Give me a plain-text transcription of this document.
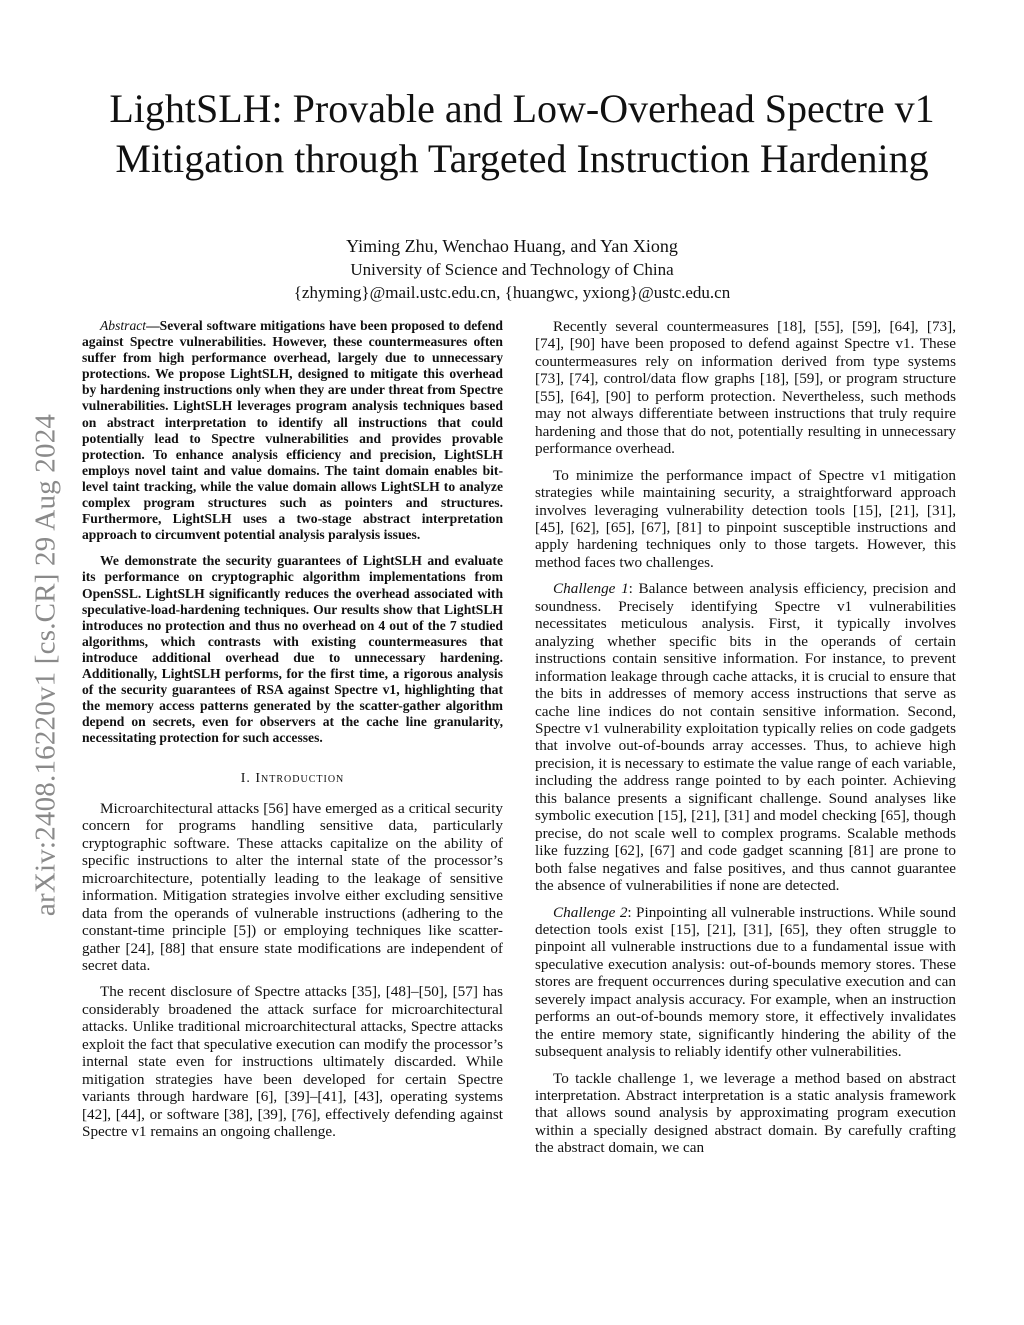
arXiv:2408.16220v1 [cs.CR] 29 Aug 2024
LightSLH: Provable and Low-Overhead Spectre v1 Mitigation through Targeted Instruction Hardening
Yiming Zhu, Wenchao Huang, and Yan Xiong
University of Science and Technology of China
{zhyming}@mail.ustc.edu.cn, {huangwc, yxiong}@ustc.edu.cn

Abstract—Several software mitigations have been proposed to defend against Spectre vulnerabilities. However, these countermeasures often suffer from high performance overhead, largely due to unnecessary protections. We propose LightSLH, designed to mitigate this overhead by hardening instructions only when they are under threat from Spectre vulnerabilities. LightSLH leverages program analysis techniques based on abstract interpretation to identify all instructions that could potentially lead to Spectre vulnerabilities and provides provable protection. To enhance analysis efficiency and precision, LightSLH employs novel taint and value domains. The taint domain enables bit-level taint tracking, while the value domain allows LightSLH to analyze complex program structures such as pointers and structures. Furthermore, LightSLH uses a two-stage abstract interpretation approach to circumvent potential analysis paralysis issues.

We demonstrate the security guarantees of LightSLH and evaluate its performance on cryptographic algorithm implementations from OpenSSL. LightSLH significantly reduces the overhead associated with speculative-load-hardening techniques. Our results show that LightSLH introduces no protection and thus no overhead on 4 out of the 7 studied algorithms, which contrasts with existing countermeasures that introduce additional overhead due to unnecessary hardening. Additionally, LightSLH performs, for the first time, a rigorous analysis of the security guarantees of RSA against Spectre v1, highlighting that the memory access patterns generated by the scatter-gather algorithm depend on secrets, even for observers at the cache line granularity, necessitating protection for such accesses.

I. Introduction

Microarchitectural attacks [56] have emerged as a critical security concern for programs handling sensitive data, particularly cryptographic software. These attacks capitalize on the ability of specific instructions to alter the internal state of the processor’s microarchitecture, potentially leading to the leakage of sensitive information. Mitigation strategies involve either excluding sensitive data from the operands of vulnerable instructions (adhering to the constant-time principle [5]) or employing techniques like scatter-gather [24], [88] that ensure state modifications are independent of secret data.

The recent disclosure of Spectre attacks [35], [48]–[50], [57] has considerably broadened the attack surface for microarchitectural attacks. Unlike traditional microarchitectural attacks, Spectre attacks exploit the fact that speculative execution can modify the processor’s internal state even for instructions ultimately discarded. While mitigation strategies have been developed for certain Spectre variants through hardware [6], [39]–[41], [43], operating systems [42], [44], or software [38], [39], [76], effectively defending against Spectre v1 remains an ongoing challenge.

Recently several countermeasures [18], [55], [59], [64], [73], [74], [90] have been proposed to defend against Spectre v1. These countermeasures rely on information derived from type systems [73], [74], control/data flow graphs [18], [59], or program structure [55], [64], [90] to perform protection. Nevertheless, such methods may not always differentiate between instructions that truly require hardening and those that do not, potentially resulting in unnecessary performance overhead.

To minimize the performance impact of Spectre v1 mitigation strategies while maintaining security, a straightforward approach involves leveraging vulnerability detection tools [15], [21], [31], [45], [62], [65], [67], [81] to pinpoint susceptible instructions and apply hardening techniques only to those targets. However, this method faces two challenges.

Challenge 1: Balance between analysis efficiency, precision and soundness. Precisely identifying Spectre v1 vulnerabilities necessitates meticulous analysis. First, it typically involves analyzing whether specific bits in the operands of certain instructions contain sensitive information. For instance, to prevent information leakage through cache attacks, it is crucial to ensure that the bits in addresses of memory access instructions that serve as cache line indices do not contain sensitive information. Second, Spectre v1 vulnerability exploitation typically relies on code gadgets that involve out-of-bounds array accesses. Thus, to achieve high precision, it is necessary to estimate the value range of each variable, including the address range pointed to by each pointer. Achieving this balance presents a significant challenge. Sound analyses like symbolic execution [15], [21], [31] and model checking [65], though precise, do not scale well to complex programs. Scalable methods like fuzzing [62], [67] and code gadget scanning [81] are prone to both false negatives and false positives, and thus cannot guarantee the absence of vulnerabilities if none are detected.

Challenge 2: Pinpointing all vulnerable instructions. While sound detection tools exist [15], [21], [31], [65], they often struggle to pinpoint all vulnerable instructions due to a fundamental issue with speculative execution analysis: out-of-bounds memory stores. These stores are frequent occurrences during speculative execution and can severely impact analysis accuracy. For example, when an instruction performs an out-of-bounds memory store, it effectively invalidates the entire memory state, significantly hindering the ability of the subsequent analysis to reliably identify other vulnerabilities.

To tackle challenge 1, we leverage a method based on abstract interpretation. Abstract interpretation is a static analysis framework that allows sound analysis by approximating program execution within a specially designed abstract domain. By carefully crafting the abstract domain, we can
